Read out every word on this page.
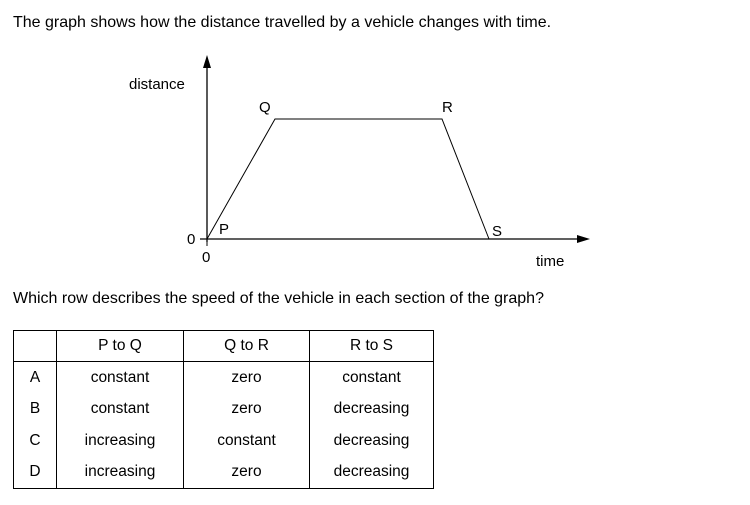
The graph shows how the distance travelled by a vehicle changes with time.
distance
time
0
0
P
Q	R
S
Which row describes the speed of the vehicle in each section of the graph?
	P to Q	Q to R	R to S
A	constant	zero	constant
B	constant	zero	decreasing
C	increasing	constant	decreasing
D	increasing	zero	decreasing
